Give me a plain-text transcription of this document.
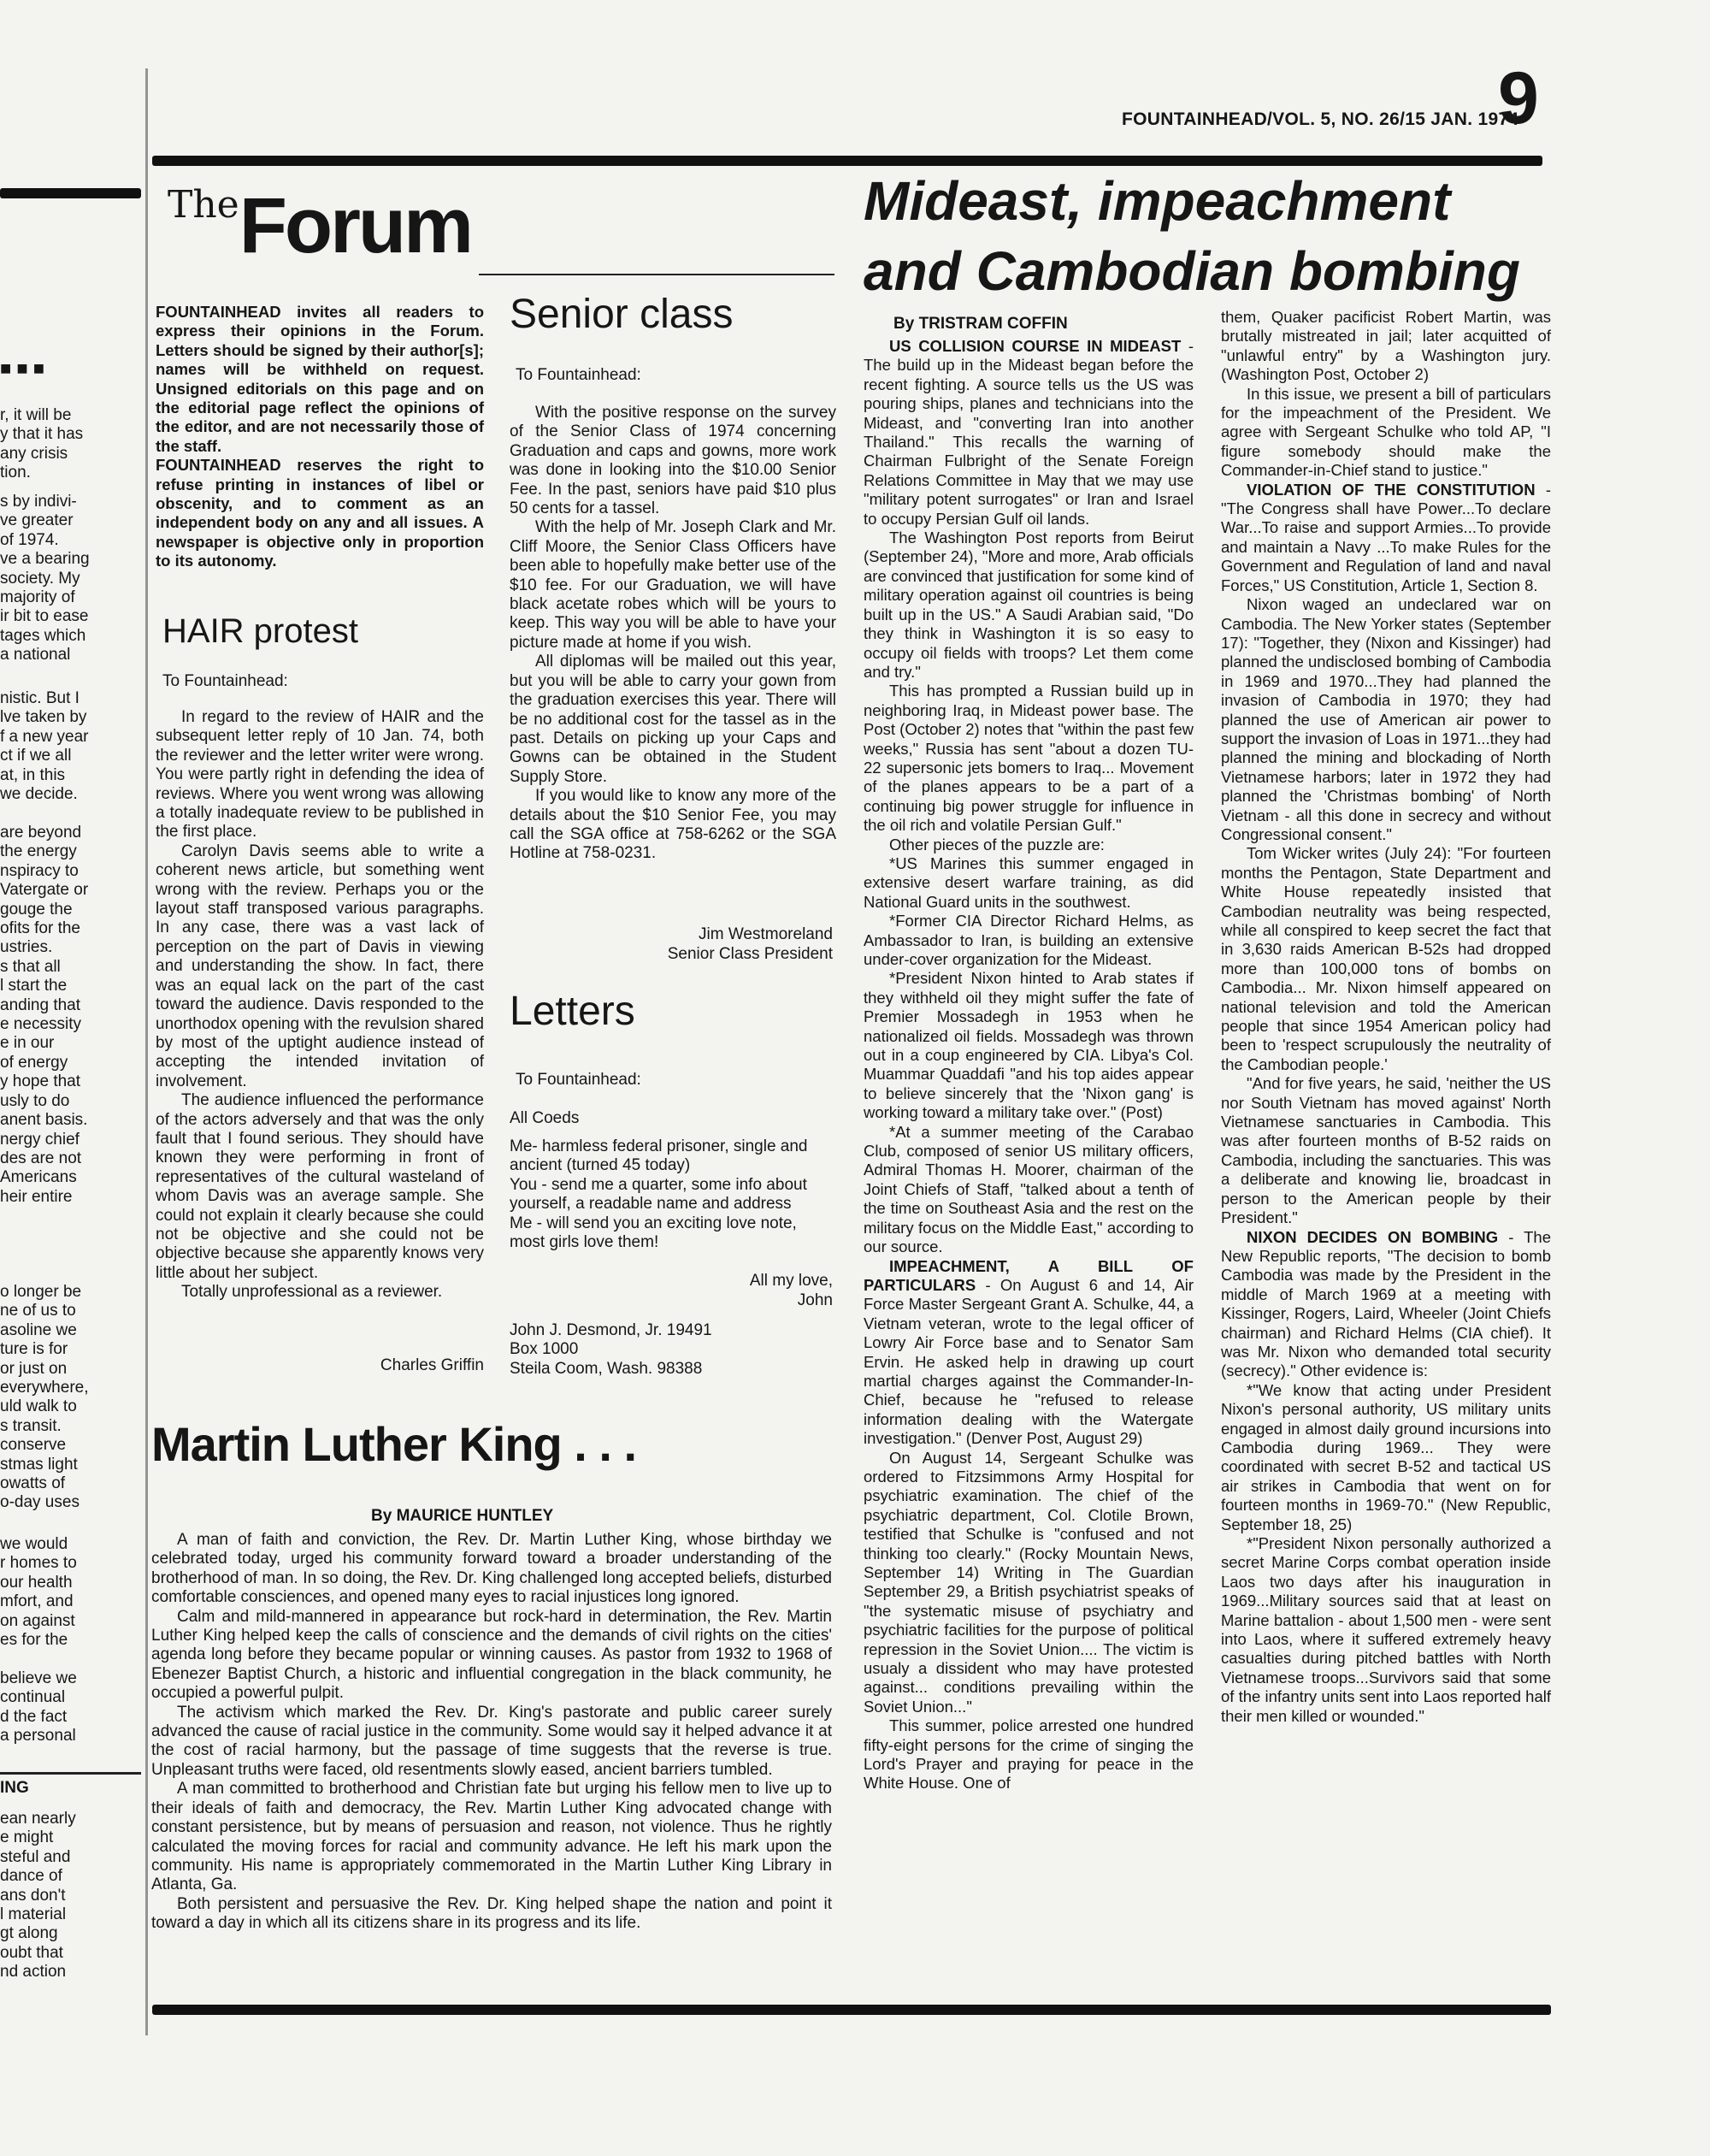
■ ■ ■
r, it will be
y that it has
any crisis
tion.
s by indivi-
ve greater
of 1974.
ve a bearing
society. My
majority of
ir bit to ease
tages which
a national
nistic. But I
lve taken by
f a new year
ct if we all
at, in this
we decide.
are beyond
the energy
nspiracy to
Vatergate or
gouge the
ofits for the
ustries.
s that all
l start the
anding that
e necessity
e in our
of energy
y hope that
usly to do
anent basis.
nergy chief
des are not
Americans
heir entire
o longer be
ne of us to
asoline we
ture is for
or just on
everywhere,
uld walk to
s transit.
conserve
stmas light
owatts of
o-day uses
we would
r homes to
our health
mfort, and
on against
es for the
believe we
continual
d the fact
a personal
ING
ean nearly
e might
steful and
dance of
ans don't
l material
gt along
oubt that
nd action
FOUNTAINHEAD/VOL. 5, NO. 26/15 JAN. 1974
9
TheForum

FOUNTAINHEAD invites all readers to express their opinions in the Forum. Letters should be signed by their author[s]; names will be withheld on request. Unsigned editorials on this page and on the editorial page reflect the opinions of the editor, and are not necessarily those of the staff.

FOUNTAINHEAD reserves the right to refuse printing in instances of libel or obscenity, and to comment as an independent body on any and all issues. A newspaper is objective only in proportion to its autonomy.

HAIR protest
To Fountainhead:

In regard to the review of HAIR and the subsequent letter reply of 10 Jan. 74, both the reviewer and the letter writer were wrong. You were partly right in defending the idea of reviews. Where you went wrong was allowing a totally inadequate review to be published in the first place.

Carolyn Davis seems able to write a coherent news article, but something went wrong with the review. Perhaps you or the layout staff transposed various paragraphs. In any case, there was a vast lack of perception on the part of Davis in viewing and understanding the show. In fact, there was an equal lack on the part of the cast toward the audience. Davis responded to the unorthodox opening with the revulsion shared by most of the uptight audience instead of accepting the intended invitation of involvement.

The audience influenced the performance of the actors adversely and that was the only fault that I found serious. They should have known they were performing in front of representatives of the cultural wasteland of whom Davis was an average sample. She could not explain it clearly because she could not be objective and she could not be objective because she apparently knows very little about her subject.

Totally unprofessional as a reviewer.

Charles Griffin
Senior class
To Fountainhead:

With the positive response on the survey of the Senior Class of 1974 concerning Graduation and caps and gowns, more work was done in looking into the $10.00 Senior Fee. In the past, seniors have paid $10 plus 50 cents for a tassel.

With the help of Mr. Joseph Clark and Mr. Cliff Moore, the Senior Class Officers have been able to hopefully make better use of the $10 fee. For our Graduation, we will have black acetate robes which will be yours to keep. This way you will be able to have your picture made at home if you wish.

All diplomas will be mailed out this year, but you will be able to carry your gown from the graduation exercises this year. There will be no additional cost for the tassel as in the past. Details on picking up your Caps and Gowns can be obtained in the Student Supply Store.

If you would like to know any more of the details about the $10 Senior Fee, you may call the SGA office at 758-6262 or the SGA Hotline at 758-0231.

Jim Westmoreland
Senior Class President
Letters
To Fountainhead:
All Coeds

Me- harmless federal prisoner, single and ancient (turned 45 today)

You - send me a quarter, some info about yourself, a readable name and address

Me - will send you an exciting love note, most girls love them!

All my love,
John

John J. Desmond, Jr. 19491

Box 1000

Steila Coom, Wash. 98388

Martin Luther King . . .
By MAURICE HUNTLEY

A man of faith and conviction, the Rev. Dr. Martin Luther King, whose birthday we celebrated today, urged his community forward toward a broader understanding of the brotherhood of man. In so doing, the Rev. Dr. King challenged long accepted beliefs, disturbed comfortable consciences, and opened many eyes to racial injustices long ignored.

Calm and mild-mannered in appearance but rock-hard in determination, the Rev. Martin Luther King helped keep the calls of conscience and the demands of civil rights on the cities' agenda long before they became popular or winning causes. As pastor from 1932 to 1968 of Ebenezer Baptist Church, a historic and influential congregation in the black community, he occupied a powerful pulpit.

The activism which marked the Rev. Dr. King's pastorate and public career surely advanced the cause of racial justice in the community. Some would say it helped advance it at the cost of racial harmony, but the passage of time suggests that the reverse is true. Unpleasant truths were faced, old resentments slowly eased, ancient barriers tumbled.

A man committed to brotherhood and Christian fate but urging his fellow men to live up to their ideals of faith and democracy, the Rev. Martin Luther King advocated change with constant persistence, but by means of persuasion and reason, not violence. Thus he rightly calculated the moving forces for racial and community advance. He left his mark upon the community. His name is appropriately commemorated in the Martin Luther King Library in Atlanta, Ga.

Both persistent and persuasive the Rev. Dr. King helped shape the nation and point it toward a day in which all its citizens share in its progress and its life.

Mideast, impeachment
and Cambodian bombing
By TRISTRAM COFFIN

US COLLISION COURSE IN MIDEAST - The build up in the Mideast began before the recent fighting. A source tells us the US was pouring ships, planes and technicians into the Mideast, and "converting Iran into another Thailand." This recalls the warning of Chairman Fulbright of the Senate Foreign Relations Committee in May that we may use "military potent surrogates" or Iran and Israel to occupy Persian Gulf oil lands.

The Washington Post reports from Beirut (September 24), "More and more, Arab officials are convinced that justification for some kind of military operation against oil countries is being built up in the US." A Saudi Arabian said, "Do they think in Washington it is so easy to occupy oil fields with troops? Let them come and try."

This has prompted a Russian build up in neighboring Iraq, in Mideast power base. The Post (October 2) notes that "within the past few weeks," Russia has sent "about a dozen TU-22 supersonic jets bomers to Iraq... Movement of the planes appears to be a part of a continuing big power struggle for influence in the oil rich and volatile Persian Gulf."

Other pieces of the puzzle are:

*US Marines this summer engaged in extensive desert warfare training, as did National Guard units in the southwest.

*Former CIA Director Richard Helms, as Ambassador to Iran, is building an extensive under-cover organization for the Mideast.

*President Nixon hinted to Arab states if they withheld oil they might suffer the fate of Premier Mossadegh in 1953 when he nationalized oil fields. Mossadegh was thrown out in a coup engineered by CIA. Libya's Col. Muammar Quaddafi "and his top aides appear to believe sincerely that the 'Nixon gang' is working toward a military take over." (Post)

*At a summer meeting of the Carabao Club, composed of senior US military officers, Admiral Thomas H. Moorer, chairman of the Joint Chiefs of Staff, "talked about a tenth of the time on Southeast Asia and the rest on the military focus on the Middle East," according to our source.

IMPEACHMENT, A BILL OF PARTICULARS - On August 6 and 14, Air Force Master Sergeant Grant A. Schulke, 44, a Vietnam veteran, wrote to the legal officer of Lowry Air Force base and to Senator Sam Ervin. He asked help in drawing up court martial charges against the Commander-In-Chief, because he "refused to release information dealing with the Watergate investigation." (Denver Post, August 29)

On August 14, Sergeant Schulke was ordered to Fitzsimmons Army Hospital for psychiatric examination. The chief of the psychiatric department, Col. Clotile Brown, testified that Schulke is "confused and not thinking too clearly." (Rocky Mountain News, September 14) Writing in The Guardian September 29, a British psychiatrist speaks of "the systematic misuse of psychiatry and psychiatric facilities for the purpose of political repression in the Soviet Union.... The victim is usualy a dissident who may have protested against... conditions prevailing within the Soviet Union..."

This summer, police arrested one hundred fifty-eight persons for the crime of singing the Lord's Prayer and praying for peace in the White House. One of

them, Quaker pacificist Robert Martin, was brutally mistreated in jail; later acquitted of "unlawful entry" by a Washington jury. (Washington Post, October 2)

In this issue, we present a bill of particulars for the impeachment of the President. We agree with Sergeant Schulke who told AP, "I figure somebody should make the Commander-in-Chief stand to justice."

VIOLATION OF THE CONSTITUTION - "The Congress shall have Power...To declare War...To raise and support Armies...To provide and maintain a Navy ...To make Rules for the Government and Regulation of land and naval Forces," US Constitution, Article 1, Section 8.

Nixon waged an undeclared war on Cambodia. The New Yorker states (September 17): "Together, they (Nixon and Kissinger) had planned the undisclosed bombing of Cambodia in 1969 and 1970...They had planned the invasion of Cambodia in 1970; they had planned the use of American air power to support the invasion of Loas in 1971...they had planned the mining and blockading of North Vietnamese harbors; later in 1972 they had planned the 'Christmas bombing' of North Vietnam - all this done in secrecy and without Congressional consent."

Tom Wicker writes (July 24): "For fourteen months the Pentagon, State Department and White House repeatedly insisted that Cambodian neutrality was being respected, while all conspired to keep secret the fact that in 3,630 raids American B-52s had dropped more than 100,000 tons of bombs on Cambodia... Mr. Nixon himself appeared on national television and told the American people that since 1954 American policy had been to 'respect scrupulously the neutrality of the Cambodian people.'

"And for five years, he said, 'neither the US nor South Vietnam has moved against' North Vietnamese sanctuaries in Cambodia. This was after fourteen months of B-52 raids on Cambodia, including the sanctuaries. This was a deliberate and knowing lie, broadcast in person to the American people by their President."

NIXON DECIDES ON BOMBING - The New Republic reports, "The decision to bomb Cambodia was made by the President in the middle of March 1969 at a meeting with Kissinger, Rogers, Laird, Wheeler (Joint Chiefs chairman) and Richard Helms (CIA chief). It was Mr. Nixon who demanded total security (secrecy)." Other evidence is:

*"We know that acting under President Nixon's personal authority, US military units engaged in almost daily ground incursions into Cambodia during 1969... They were coordinated with secret B-52 and tactical US air strikes in Cambodia that went on for fourteen months in 1969-70." (New Republic, September 18, 25)

*"President Nixon personally authorized a secret Marine Corps combat operation inside Laos two days after his inauguration in 1969...Military sources said that at least on Marine battalion - about 1,500 men - were sent into Laos, where it suffered extremely heavy casualties during pitched battles with North Vietnamese troops...Survivors said that some of the infantry units sent into Laos reported half their men killed or wounded."
